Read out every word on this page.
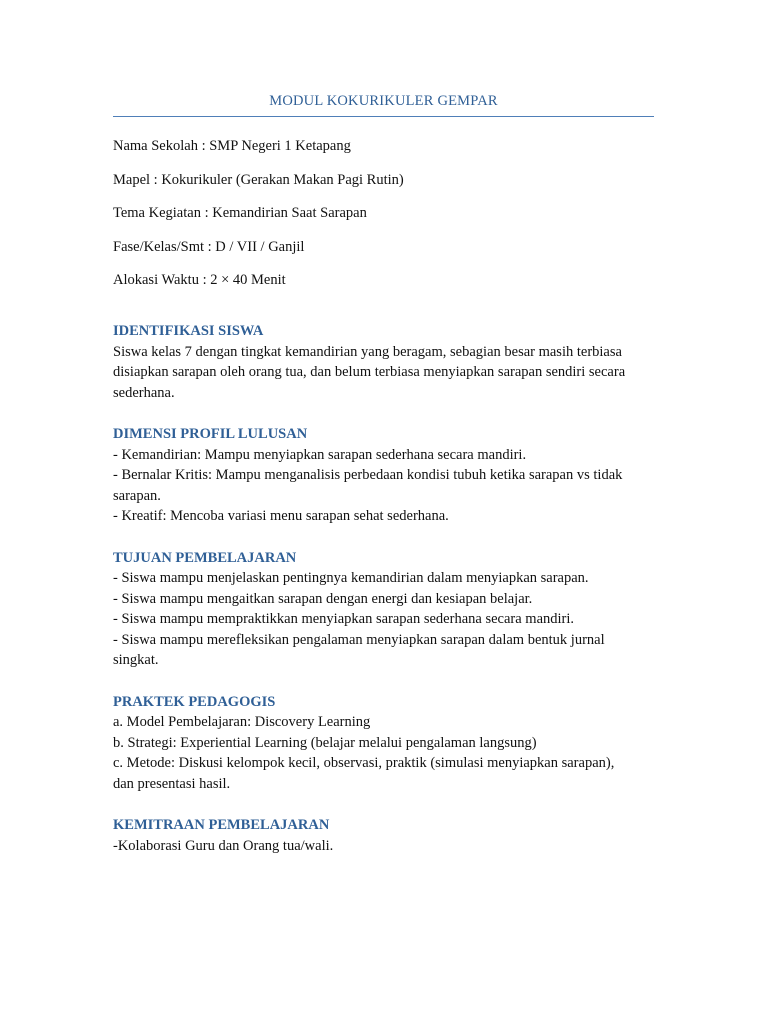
MODUL KOKURIKULER GEMPAR

Nama Sekolah : SMP Negeri 1 Ketapang

Mapel : Kokurikuler (Gerakan Makan Pagi Rutin)

Tema Kegiatan : Kemandirian Saat Sarapan

Fase/Kelas/Smt : D / VII / Ganjil

Alokasi Waktu : 2 × 40 Menit

IDENTIFIKASI SISWA

Siswa kelas 7 dengan tingkat kemandirian yang beragam, sebagian besar masih terbiasa

disiapkan sarapan oleh orang tua, dan belum terbiasa menyiapkan sarapan sendiri secara

sederhana.

DIMENSI PROFIL LULUSAN

- Kemandirian: Mampu menyiapkan sarapan sederhana secara mandiri.

- Bernalar Kritis: Mampu menganalisis perbedaan kondisi tubuh ketika sarapan vs tidak

sarapan.

- Kreatif: Mencoba variasi menu sarapan sehat sederhana.

TUJUAN PEMBELAJARAN

- Siswa mampu menjelaskan pentingnya kemandirian dalam menyiapkan sarapan.

- Siswa mampu mengaitkan sarapan dengan energi dan kesiapan belajar.

- Siswa mampu mempraktikkan menyiapkan sarapan sederhana secara mandiri.

- Siswa mampu merefleksikan pengalaman menyiapkan sarapan dalam bentuk jurnal

singkat.

PRAKTEK PEDAGOGIS

a. Model Pembelajaran: Discovery Learning

b. Strategi: Experiential Learning (belajar melalui pengalaman langsung)

c. Metode: Diskusi kelompok kecil, observasi, praktik (simulasi menyiapkan sarapan),

dan presentasi hasil.

KEMITRAAN PEMBELAJARAN

-Kolaborasi Guru dan Orang tua/wali.
